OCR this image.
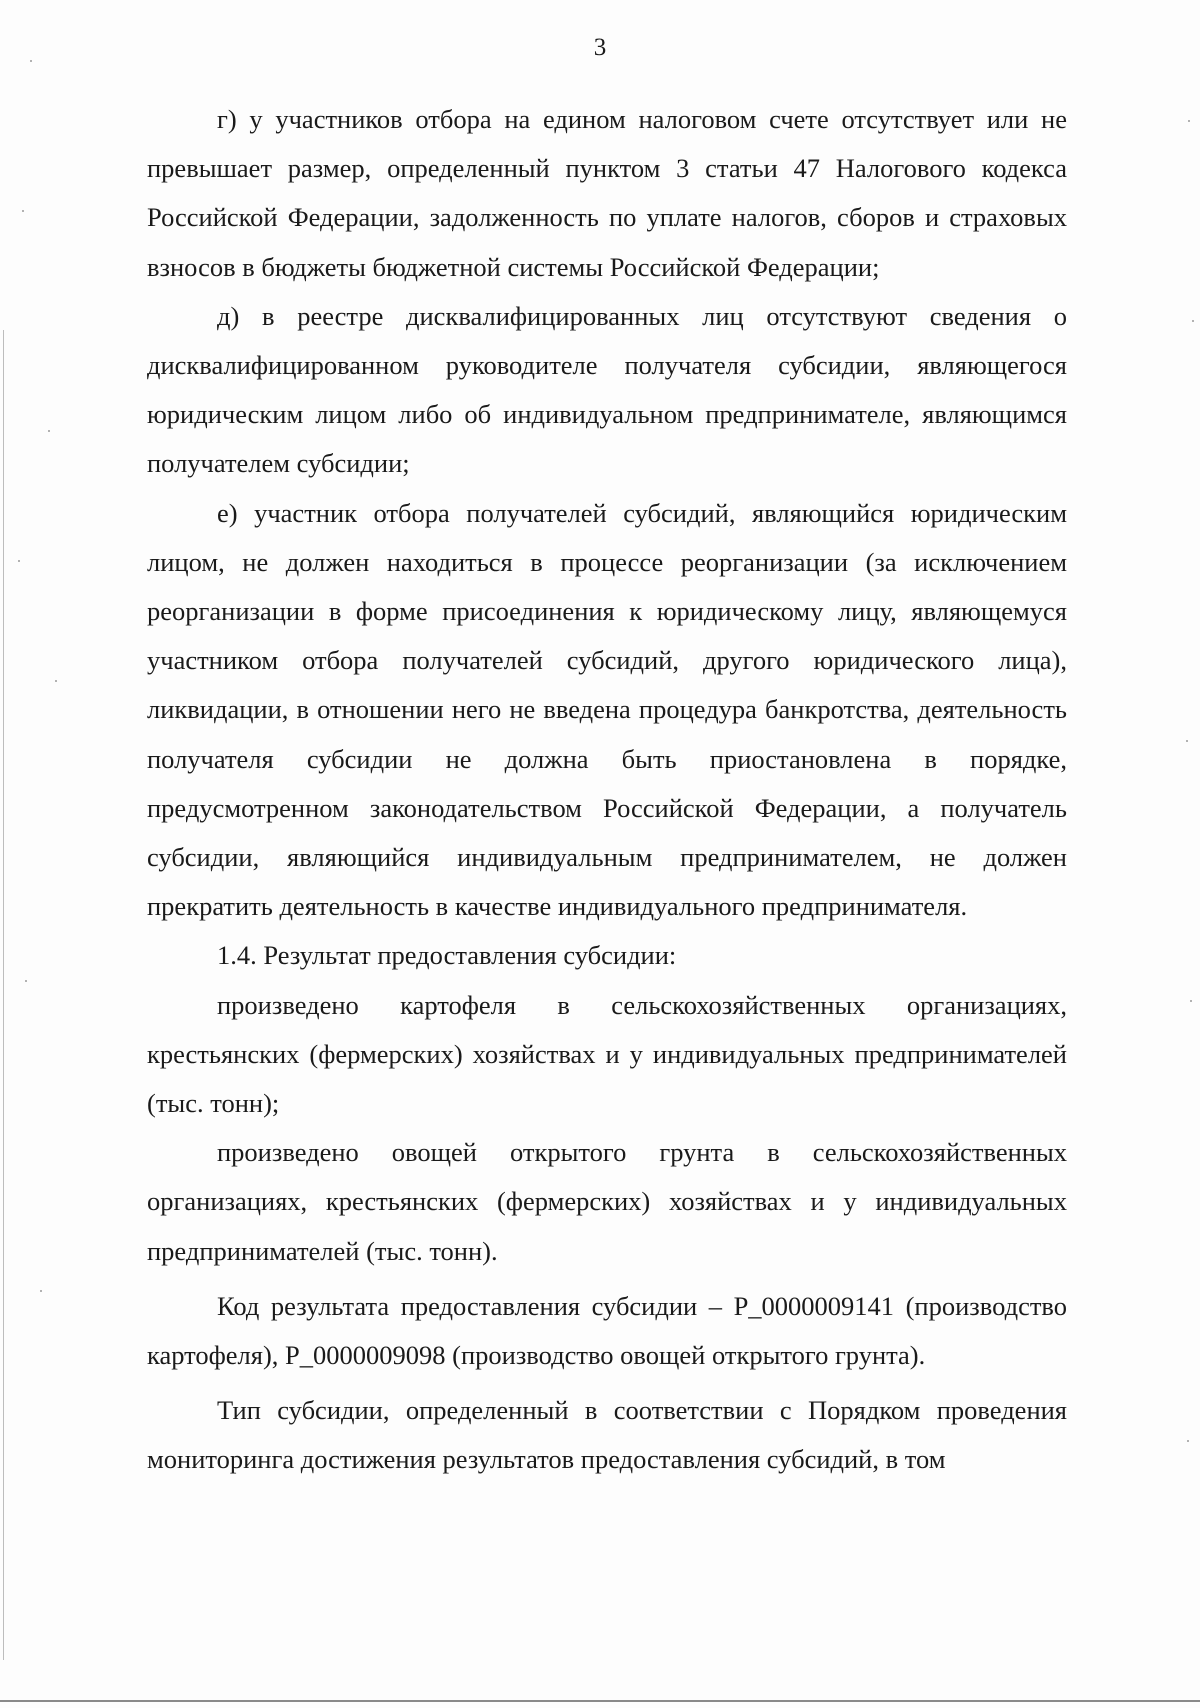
3

г) у участников отбора на едином налоговом счете отсутствует или не превышает размер, определенный пунктом 3 статьи 47 Налогового кодекса Российской Федерации, задолженность по уплате налогов, сборов и страховых взносов в бюджеты бюджетной системы Российской Федерации;

д) в реестре дисквалифицированных лиц отсутствуют сведения о дисквалифицированном руководителе получателя субсидии, являющегося юридическим лицом либо об индивидуальном предпринимателе, являющимся получателем субсидии;

е) участник отбора получателей субсидий, являющийся юридическим лицом, не должен находиться в процессе реорганизации (за исключением реорганизации в форме присоединения к юридическому лицу, являющемуся участником отбора получателей субсидий, другого юридического лица), ликвидации, в отношении него не введена процедура банкротства, деятельность получателя субсидии не должна быть приостановлена в порядке, предусмотренном законодательством Российской Федерации, а получатель субсидии, являющийся индивидуальным предпринимателем, не должен прекратить деятельность в качестве индивидуального предпринимателя.

1.4. Результат предоставления субсидии:

произведено картофеля в сельскохозяйственных организациях, крестьянских (фермерских) хозяйствах и у индивидуальных предпринимателей (тыс. тонн);

произведено овощей открытого грунта в сельскохозяйственных организациях, крестьянских (фермерских) хозяйствах и у индивидуальных предпринимателей (тыс. тонн).

Код результата предоставления субсидии – P_0000009141 (производство картофеля), P_0000009098 (производство овощей открытого грунта).

Тип субсидии, определенный в соответствии с Порядком проведения мониторинга достижения результатов предоставления субсидий, в том
